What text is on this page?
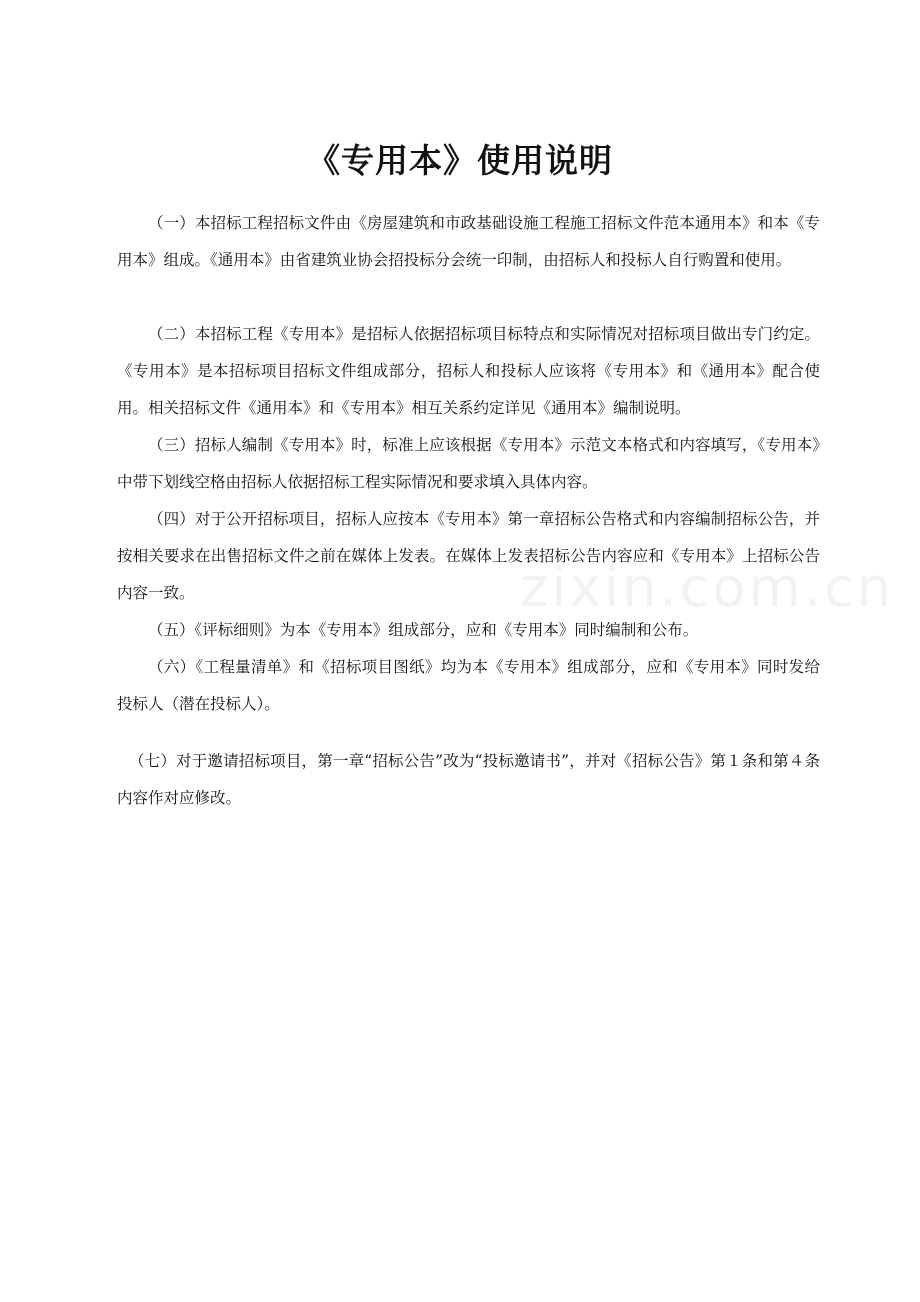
《专用本》使用说明

（一）本招标工程招标文件由《房屋建筑和市政基础设施工程施工招标文件范本通用本》和本《专用本》组成。《通用本》由省建筑业协会招投标分会统一印制，由招标人和投标人自行购置和使用。

（二）本招标工程《专用本》是招标人依据招标项目标特点和实际情况对招标项目做出专门约定。《专用本》是本招标项目招标文件组成部分，招标人和投标人应该将《专用本》和《通用本》配合使用。相关招标文件《通用本》和《专用本》相互关系约定详见《通用本》编制说明。

（三）招标人编制《专用本》时，标准上应该根据《专用本》示范文本格式和内容填写，《专用本》中带下划线空格由招标人依据招标工程实际情况和要求填入具体内容。

（四）对于公开招标项目，招标人应按本《专用本》第一章招标公告格式和内容编制招标公告，并按相关要求在出售招标文件之前在媒体上发表。在媒体上发表招标公告内容应和《专用本》上招标公告内容一致。

（五）《评标细则》为本《专用本》组成部分，应和《专用本》同时编制和公布。

（六）《工程量清单》和《招标项目图纸》均为本《专用本》组成部分，应和《专用本》同时发给投标人（潜在投标人）。

（七）对于邀请招标项目，第一章“招标公告”改为“投标邀请书”，并对《招标公告》第１条和第４条内容作对应修改。

zixin.com.cn
